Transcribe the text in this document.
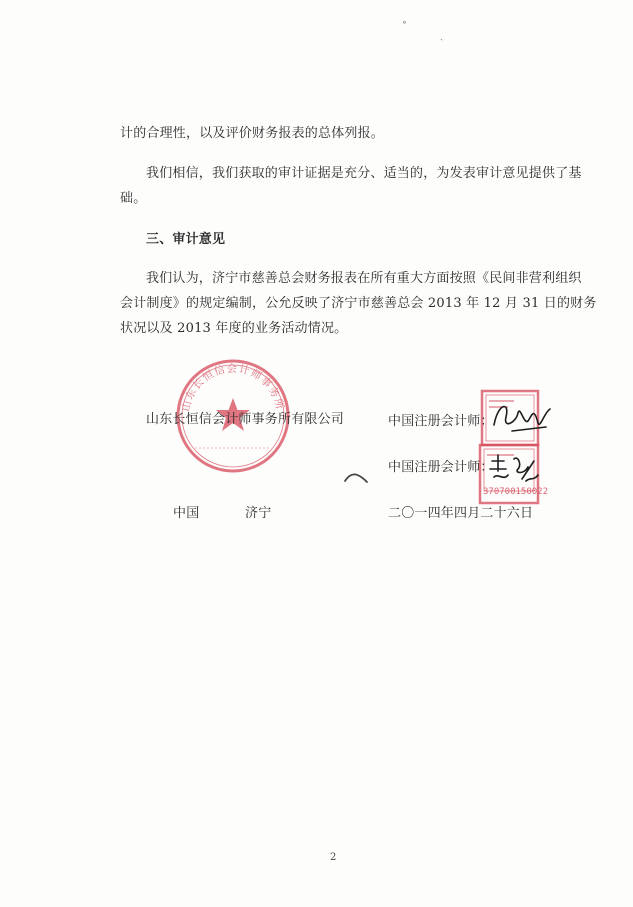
˚
ˎ
计的合理性，以及评价财务报表的总体列报。
我们相信，我们获取的审计证据是充分、适当的，为发表审计意见提供了基
础。
三、审计意见
我们认为，济宁市慈善总会财务报表在所有重大方面按照《民间非营利组织
会计制度》的规定编制，公允反映了济宁市慈善总会 2013 年 12 月 31 日的财务
状况以及 2013 年度的业务活动情况。
山东长恒信会计师事务所有限公司
山东长恒信会计师事务所有限公司	中国注册会计师：
370700150022
中国注册会计师：
中国	济宁	二〇一四年四月二十六日
2
